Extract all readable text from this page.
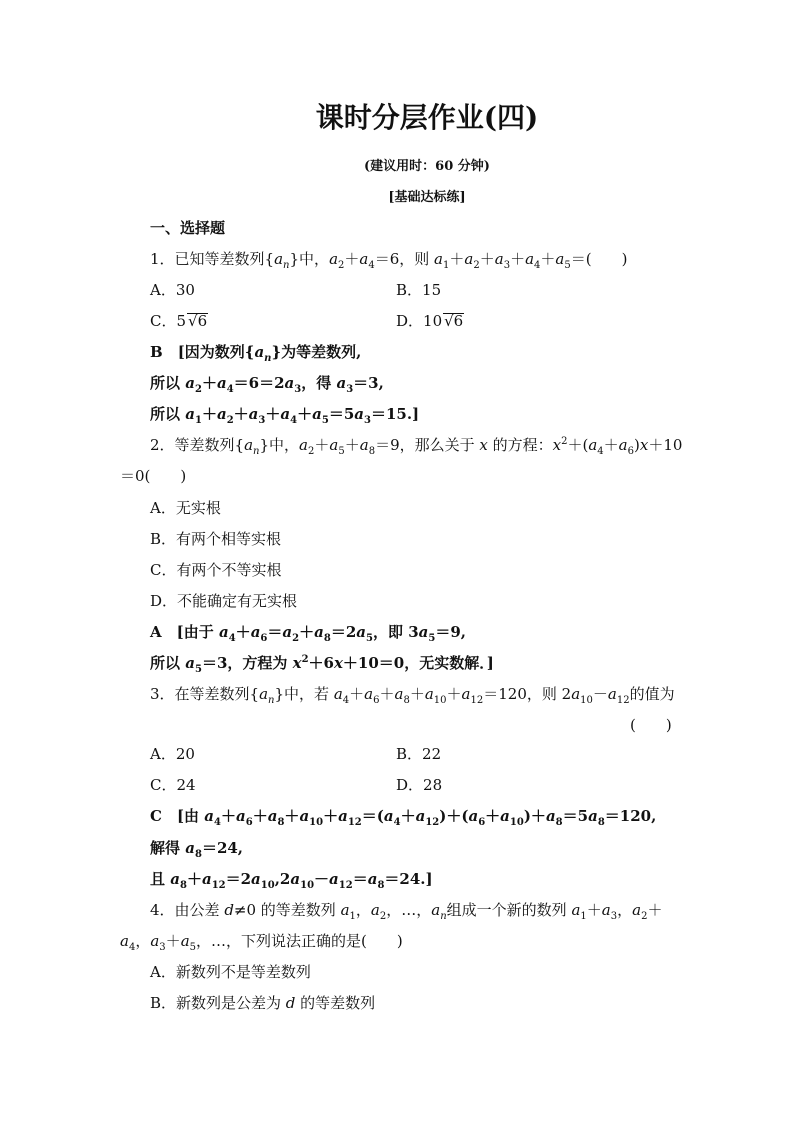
课时分层作业(四)
(建议用时：60 分钟)
[基础达标练]
一、选择题
1．已知等差数列$\{a_n\}$中，$a_2+a_4=6$，则 $a_1+a_2+a_3+a_4+a_5=$(　　)
A．30	B．15
C．5 √6	D．10 √6
B　[因为数列$\{a_n\}$为等差数列,
所以 $a_2+a_4=6=2a_3$，得 $a_3=3$,
所以 $a_1+a_2+a_3+a_4+a_5=5a_3=15$.]
2．等差数列$\{a_n\}$中，$a_2+a_5+a_8=9$，那么关于 x 的方程：$x^2+(a_4+a_6)x+10$
＝0(　　)
A．无实根
B．有两个相等实根
C．有两个不等实根
D．不能确定有无实根
A　[由于 $a_4+a_6=a_2+a_8=2a_5$，即 $3a_5=9$,
所以 $a_5=3$，方程为 $x^2+6x+10=0$，无实数解．]
3．在等差数列$\{a_n\}$中，若 $a_4+a_6+a_8+a_{10}+a_{12}=120$，则 $2a_{10}-a_{12}$的值为
(　　)
A．20	B．22
C．24	D．28
C　[由 $a_4+a_6+a_8+a_{10}+a_{12}=(a_4+a_{12})+(a_6+a_{10})+a_8=5a_8=120$,
解得 $a_8=24$,
且 $a_8+a_{12}=2a_{10},2a_{10}-a_{12}=a_8=24$.]
4．由公差 d≠0 的等差数列 $a_1$，$a_2$，…，$a_n$组成一个新的数列 $a_1+a_3$，$a_2+$
$a_4$，$a_3+a_5$，…，下列说法正确的是(　　)
A．新数列不是等差数列
B．新数列是公差为 d 的等差数列
